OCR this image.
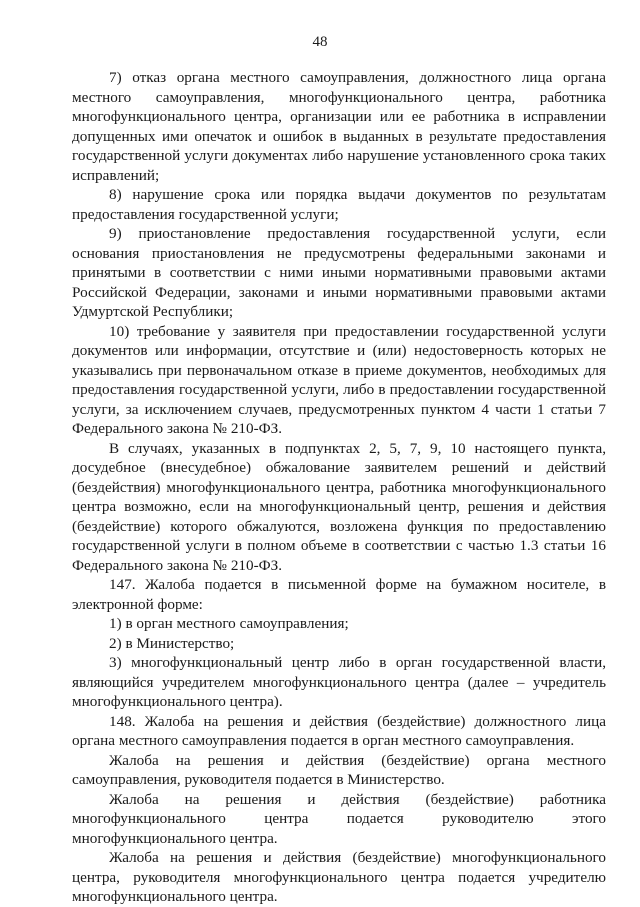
48

7) отказ органа местного самоуправления, должностного лица органа местного самоуправления, многофункционального центра, работника многофункционального центра, организации или ее работника в исправлении допущенных ими опечаток и ошибок в выданных в результате предоставления государственной услуги документах либо нарушение установленного срока таких исправлений;

8) нарушение срока или порядка выдачи документов по результатам предоставления государственной услуги;

9) приостановление предоставления государственной услуги, если основания приостановления не предусмотрены федеральными законами и принятыми в соответствии с ними иными нормативными правовыми актами Российской Федерации, законами и иными нормативными правовыми актами Удмуртской Республики;

10) требование у заявителя при предоставлении государственной услуги документов или информации, отсутствие и (или) недостоверность которых не указывались при первоначальном отказе в приеме документов, необходимых для предоставления государственной услуги, либо в предоставлении государственной услуги, за исключением случаев, предусмотренных пунктом 4 части 1 статьи 7 Федерального закона № 210-ФЗ.

В случаях, указанных в подпунктах 2, 5, 7, 9, 10 настоящего пункта, досудебное (внесудебное) обжалование заявителем решений и действий (бездействия) многофункционального центра, работника многофункционального центра возможно, если на многофункциональный центр, решения и действия (бездействие) которого обжалуются, возложена функция по предоставлению государственной услуги в полном объеме в соответствии с частью 1.3 статьи 16 Федерального закона № 210-ФЗ.

147. Жалоба подается в письменной форме на бумажном носителе, в электронной форме:

1) в орган местного самоуправления;

2) в Министерство;

3) многофункциональный центр либо в орган государственной власти, являющийся учредителем многофункционального центра (далее – учредитель многофункционального центра).

148. Жалоба на решения и действия (бездействие) должностного лица органа местного самоуправления подается в орган местного самоуправления.

Жалоба на решения и действия (бездействие) органа местного самоуправления, руководителя подается в Министерство.

Жалоба на решения и действия (бездействие) работника многофункционального центра подается руководителю этого многофункционального центра.

Жалоба на решения и действия (бездействие) многофункционального центра, руководителя многофункционального центра подается учредителю многофункционального центра.
